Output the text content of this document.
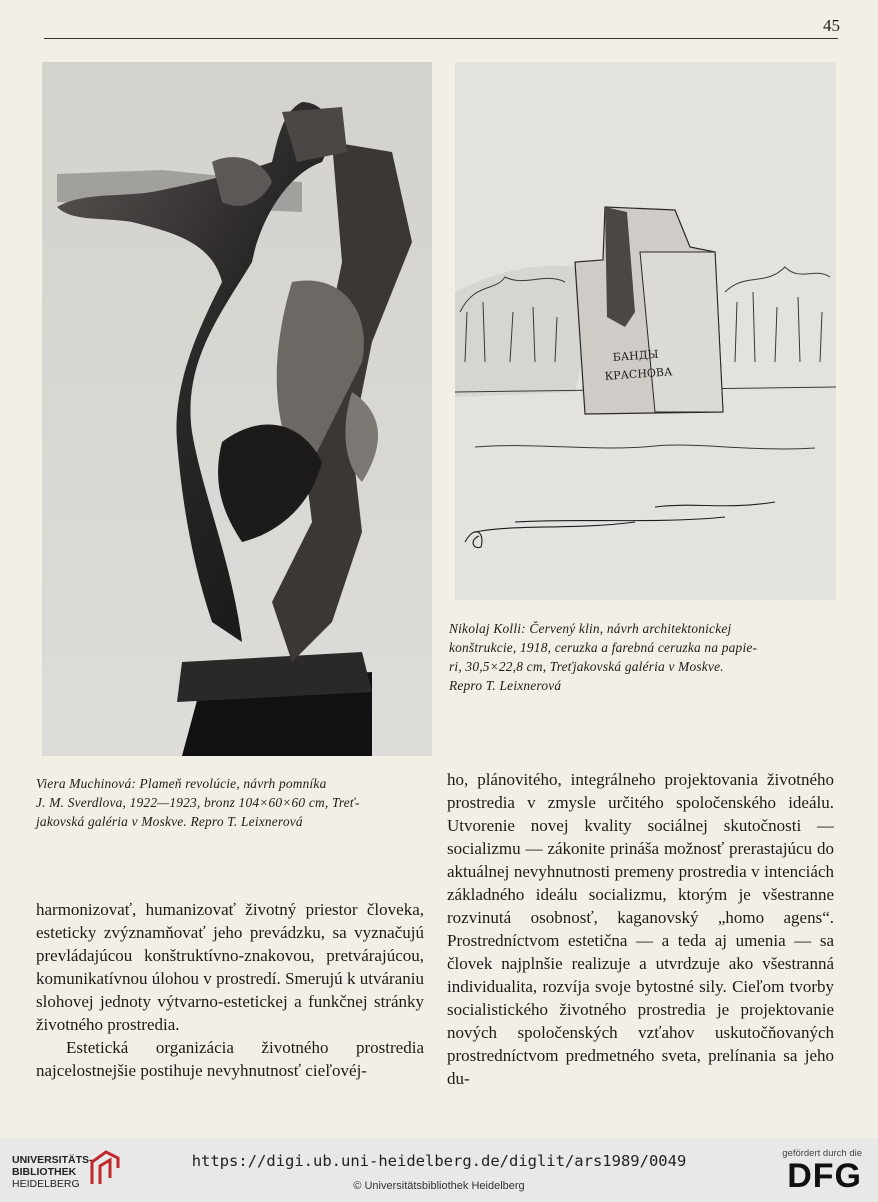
45
БАНДЫ
КРАСНОВА
Nikolaj Kolli: Červený klin, návrh architektonickej
konštrukcie, 1918, ceruzka a farebná ceruzka na papie-
ri, 30,5×22,8 cm, Treťjakovská galéria v Moskve.
Repro T. Leixnerová
Viera Muchinová: Plameň revolúcie, návrh pomníka
J. M. Sverdlova, 1922—1923, bronz 104×60×60 cm, Treť-
jakovská galéria v Moskve. Repro T. Leixnerová

harmonizovať, humanizovať životný priestor človeka, esteticky zvýznamňovať jeho prevádzku, sa vyznačujú prevládajúcou konštruktívno-znakovou, pretvárajúcou, komunikatívnou úlohou v prostredí. Smerujú k utváraniu slohovej jednoty výtvarno-estetickej a funkčnej stránky životného prostredia.

Estetická organizácia životného prostredia najcelostnejšie postihuje nevyhnutnosť cieľovéj-

ho, plánovitého, integrálneho projektovania životného prostredia v zmysle určitého spoločenského ideálu. Utvorenie novej kvality sociálnej skutočnosti — socializmu — zákonite prináša možnosť prerastajúcu do aktuálnej nevyhnutnosti premeny prostredia v intenciách základného ideálu socializmu, ktorým je všestranne rozvinutá osobnosť, kaganovský „homo agens“. Prostredníctvom estetična — a teda aj umenia — sa človek najplnšie realizuje a utvrdzuje ako všestranná individualita, rozvíja svoje bytostné sily. Cieľom tvorby socialistického životného prostredia je projektovanie nových spoločenských vzťahov uskutočňovaných prostredníctvom predmetného sveta, prelínania sa jeho du-

UNIVERSITÄTS-
BIBLIOTHEK
HEIDELBERG
https://digi.ub.uni-heidelberg.de/diglit/ars1989/0049
© Universitätsbibliothek Heidelberg
gefördert durch die
DFG
